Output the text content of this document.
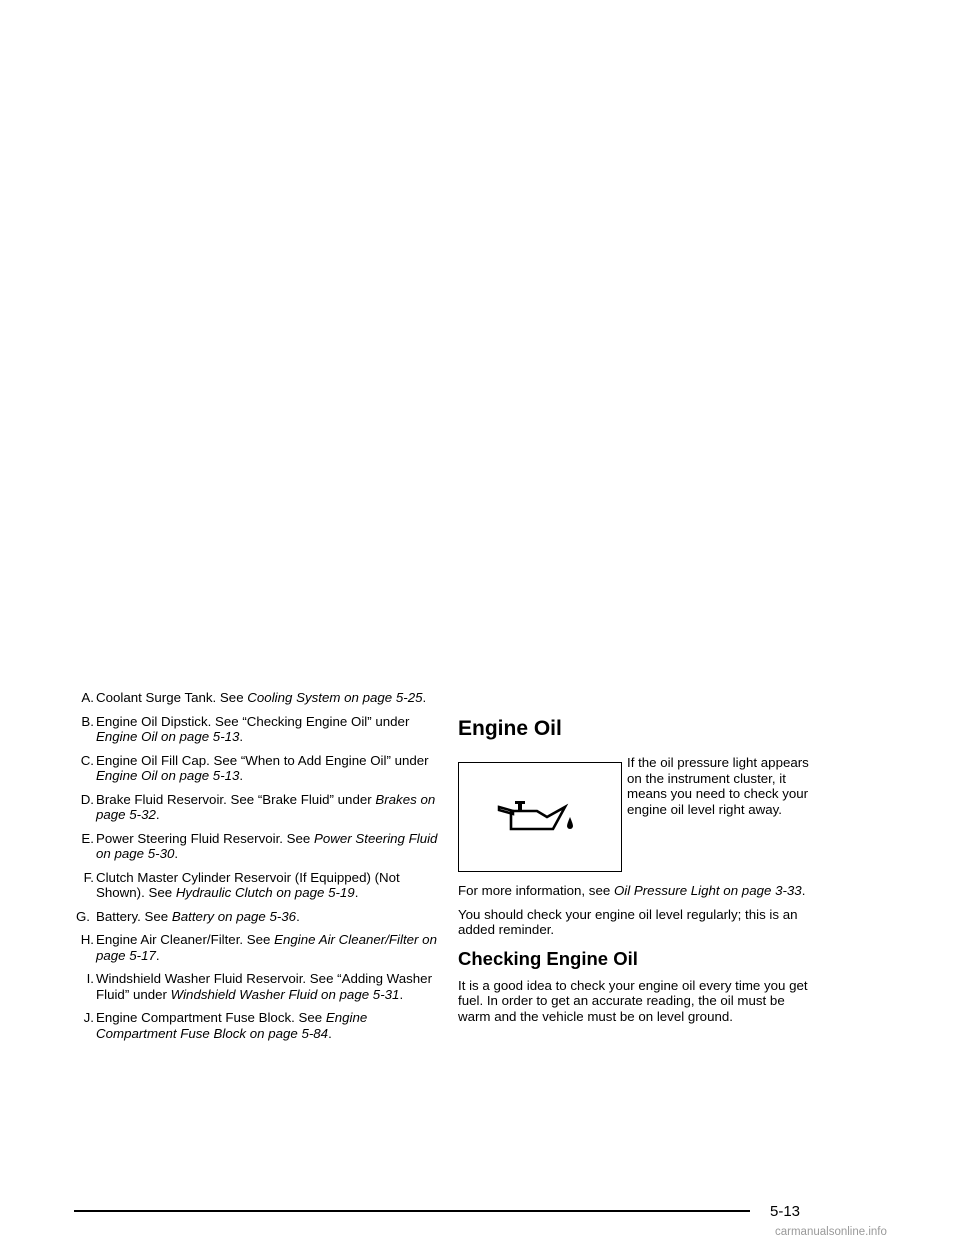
A. Coolant Surge Tank. See Cooling System on page 5-25.
B. Engine Oil Dipstick. See “Checking Engine Oil” under Engine Oil on page 5-13.
C. Engine Oil Fill Cap. See “When to Add Engine Oil” under Engine Oil on page 5-13.
D. Brake Fluid Reservoir. See “Brake Fluid” under Brakes on page 5-32.
E. Power Steering Fluid Reservoir. See Power Steering Fluid on page 5-30.
F. Clutch Master Cylinder Reservoir (If Equipped) (Not Shown). See Hydraulic Clutch on page 5-19.
G. Battery. See Battery on page 5-36.
H. Engine Air Cleaner/Filter. See Engine Air Cleaner/Filter on page 5-17.
I. Windshield Washer Fluid Reservoir. See “Adding Washer Fluid” under Windshield Washer Fluid on page 5-31.
J. Engine Compartment Fuse Block. See Engine Compartment Fuse Block on page 5-84.
Engine Oil
If the oil pressure light appears on the instrument cluster, it means you need to check your engine oil level right away.

For more information, see Oil Pressure Light on page 3-33.

You should check your engine oil level regularly; this is an added reminder.

Checking Engine Oil

It is a good idea to check your engine oil every time you get fuel. In order to get an accurate reading, the oil must be warm and the vehicle must be on level ground.

5-13
carmanualsonline.info
